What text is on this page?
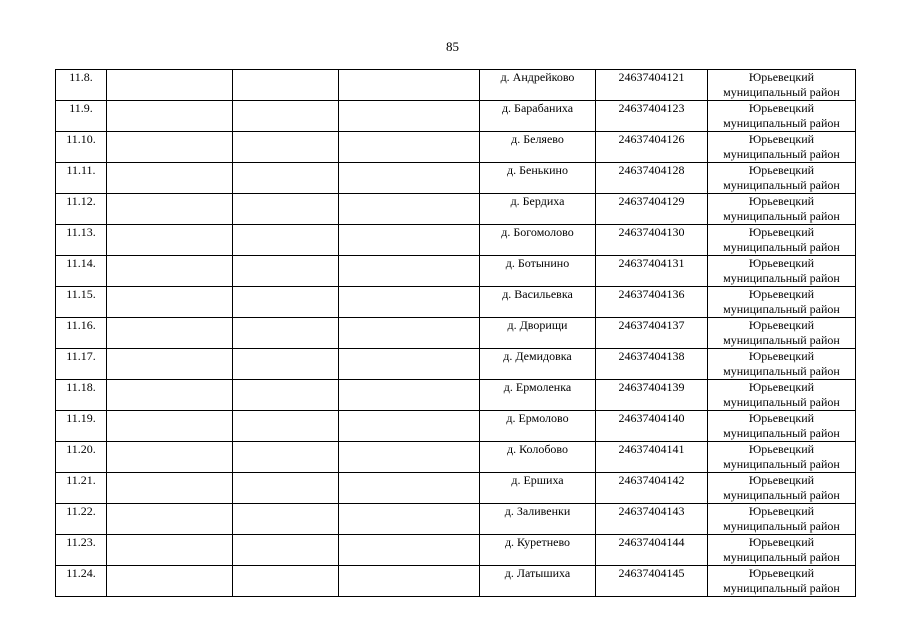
85
11.8.				д. Андрейково	24637404121	Юрьевецкий
муниципальный район

11.9.				д. Барабаниха	24637404123	Юрьевецкий
муниципальный район

11.10.				д. Беляево	24637404126	Юрьевецкий
муниципальный район

11.11.				д. Бенькино	24637404128	Юрьевецкий
муниципальный район

11.12.				д. Бердиха	24637404129	Юрьевецкий
муниципальный район

11.13.				д. Богомолово	24637404130	Юрьевецкий
муниципальный район

11.14.				д. Ботынино	24637404131	Юрьевецкий
муниципальный район

11.15.				д. Васильевка	24637404136	Юрьевецкий
муниципальный район

11.16.				д. Дворищи	24637404137	Юрьевецкий
муниципальный район

11.17.				д. Демидовка	24637404138	Юрьевецкий
муниципальный район

11.18.				д. Ермоленка	24637404139	Юрьевецкий
муниципальный район

11.19.				д. Ермолово	24637404140	Юрьевецкий
муниципальный район

11.20.				д. Колобово	24637404141	Юрьевецкий
муниципальный район

11.21.				д. Ершиха	24637404142	Юрьевецкий
муниципальный район

11.22.				д. Заливенки	24637404143	Юрьевецкий
муниципальный район

11.23.				д. Куретнево	24637404144	Юрьевецкий
муниципальный район

11.24.				д. Латышиха	24637404145	Юрьевецкий
муниципальный район
